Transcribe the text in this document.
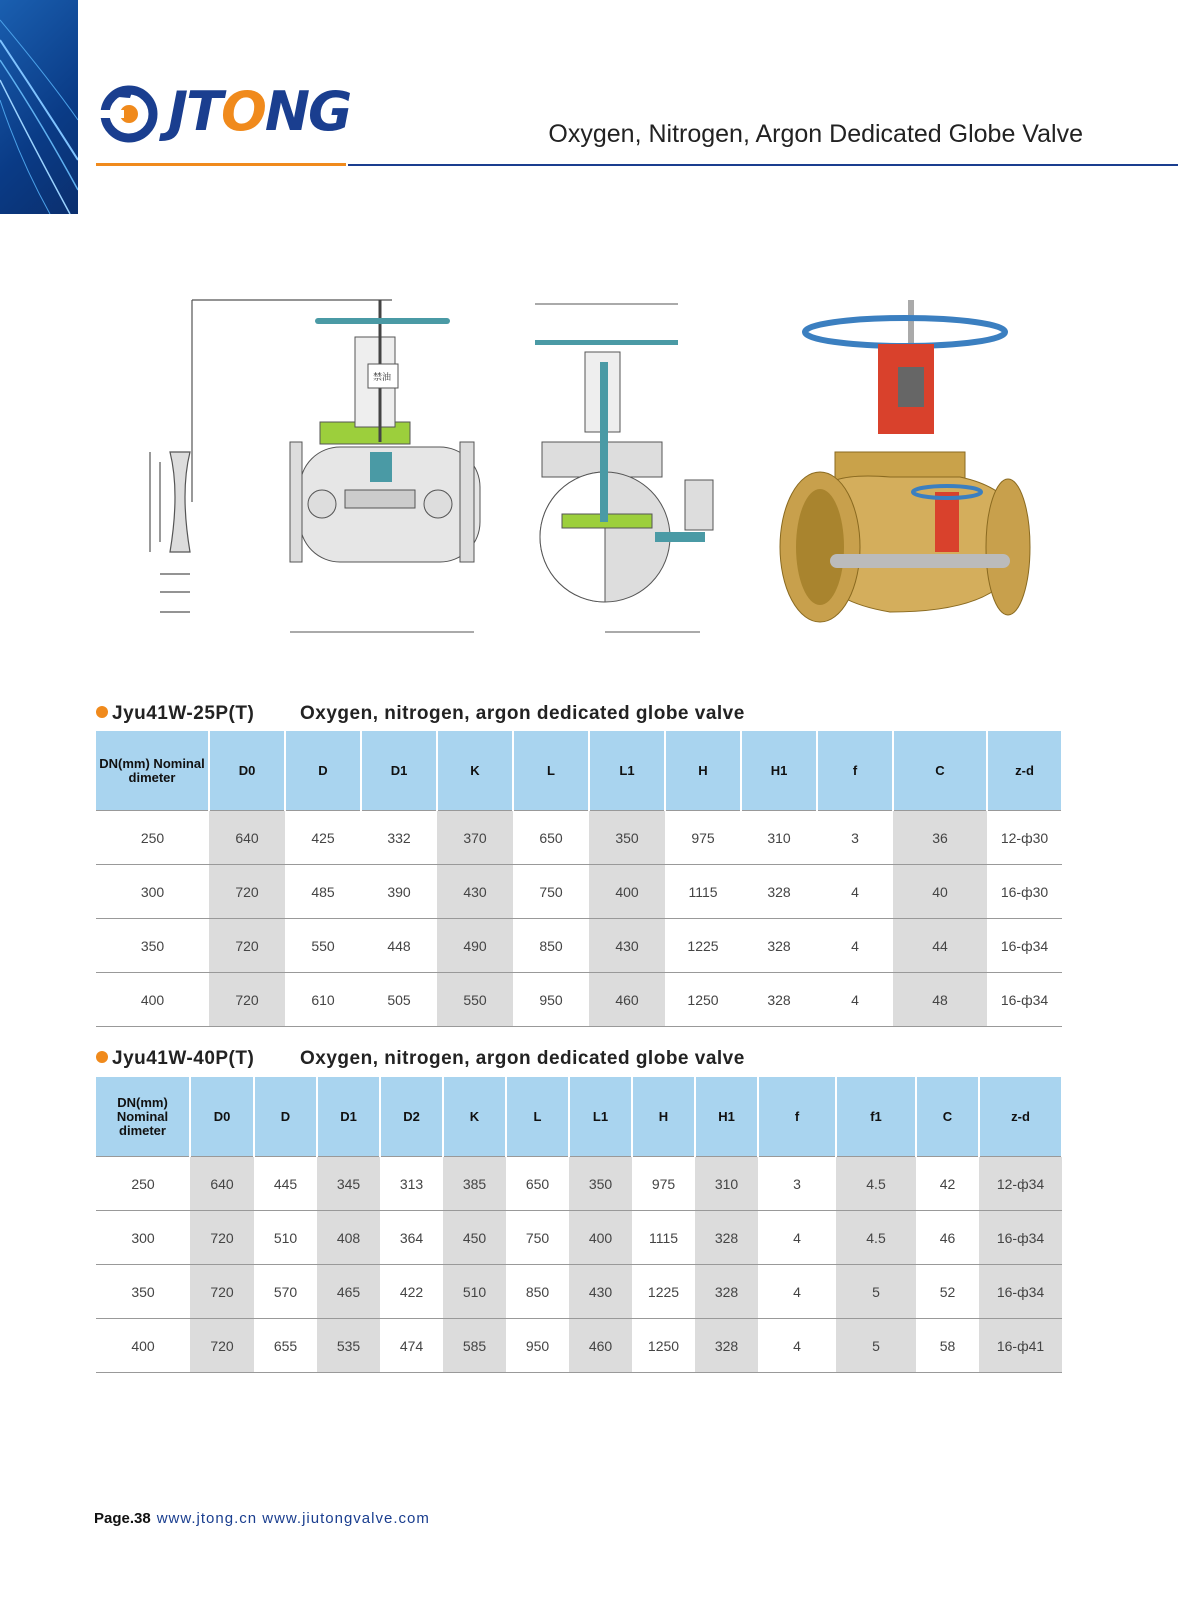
JTONG	Oxygen, Nitrogen, Argon Dedicated Globe Valve
禁油
Jyu41W-25P(T) Oxygen, nitrogen, argon dedicated globe valve
DN(mm) Nominal dimeter	D0	D	D1	K	L	L1	H	H1	f	C	z-d
250	640	425	332	370	650	350	975	310	3	36	12-ф30
300	720	485	390	430	750	400	1115	328	4	40	16-ф30
350	720	550	448	490	850	430	1225	328	4	44	16-ф34
400	720	610	505	550	950	460	1250	328	4	48	16-ф34
Jyu41W-40P(T) Oxygen, nitrogen, argon dedicated globe valve
DN(mm) Nominal dimeter	D0	D	D1	D2	K	L	L1	H	H1	f	f1	C	z-d
250	640	445	345	313	385	650	350	975	310	3	4.5	42	12-ф34
300	720	510	408	364	450	750	400	1115	328	4	4.5	46	16-ф34
350	720	570	465	422	510	850	430	1225	328	4	5	52	16-ф34
400	720	655	535	474	585	950	460	1250	328	4	5	58	16-ф41
Page.38 www.jtong.cn www.jiutongvalve.com
